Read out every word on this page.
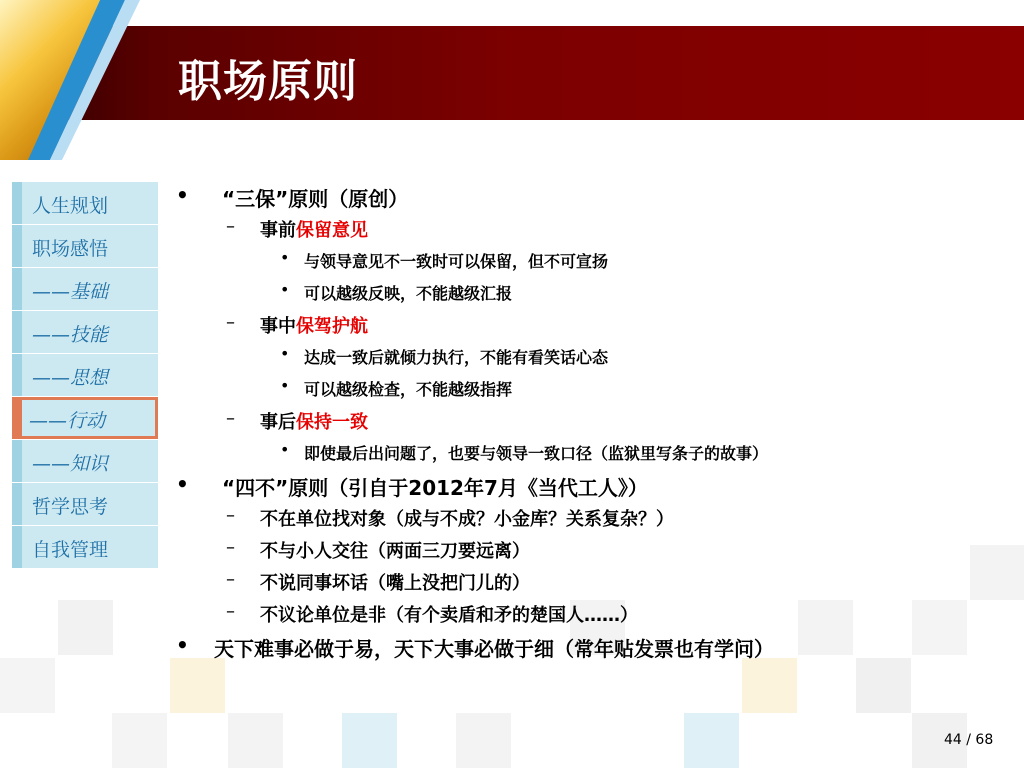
职场原则
人生规划
职场感悟
——基础
——技能
——思想
——行动
——知识
哲学思考
自我管理
• “三保”原则（原创）
– 事前保留意见
• 与领导意见不一致时可以保留，但不可宣扬
• 可以越级反映，不能越级汇报
– 事中保驾护航
• 达成一致后就倾力执行，不能有看笑话心态
• 可以越级检查，不能越级指挥
– 事后保持一致
• 即使最后出问题了，也要与领导一致口径（监狱里写条子的故事）
• “四不”原则（引自于2012年7月《当代工人》）
– 不在单位找对象（成与不成？小金库？关系复杂？）
– 不与小人交往（两面三刀要远离）
– 不说同事坏话（嘴上没把门儿的）
– 不议论单位是非（有个卖盾和矛的楚国人……）
• 天下难事必做于易，天下大事必做于细（常年贴发票也有学问）
44 / 68
